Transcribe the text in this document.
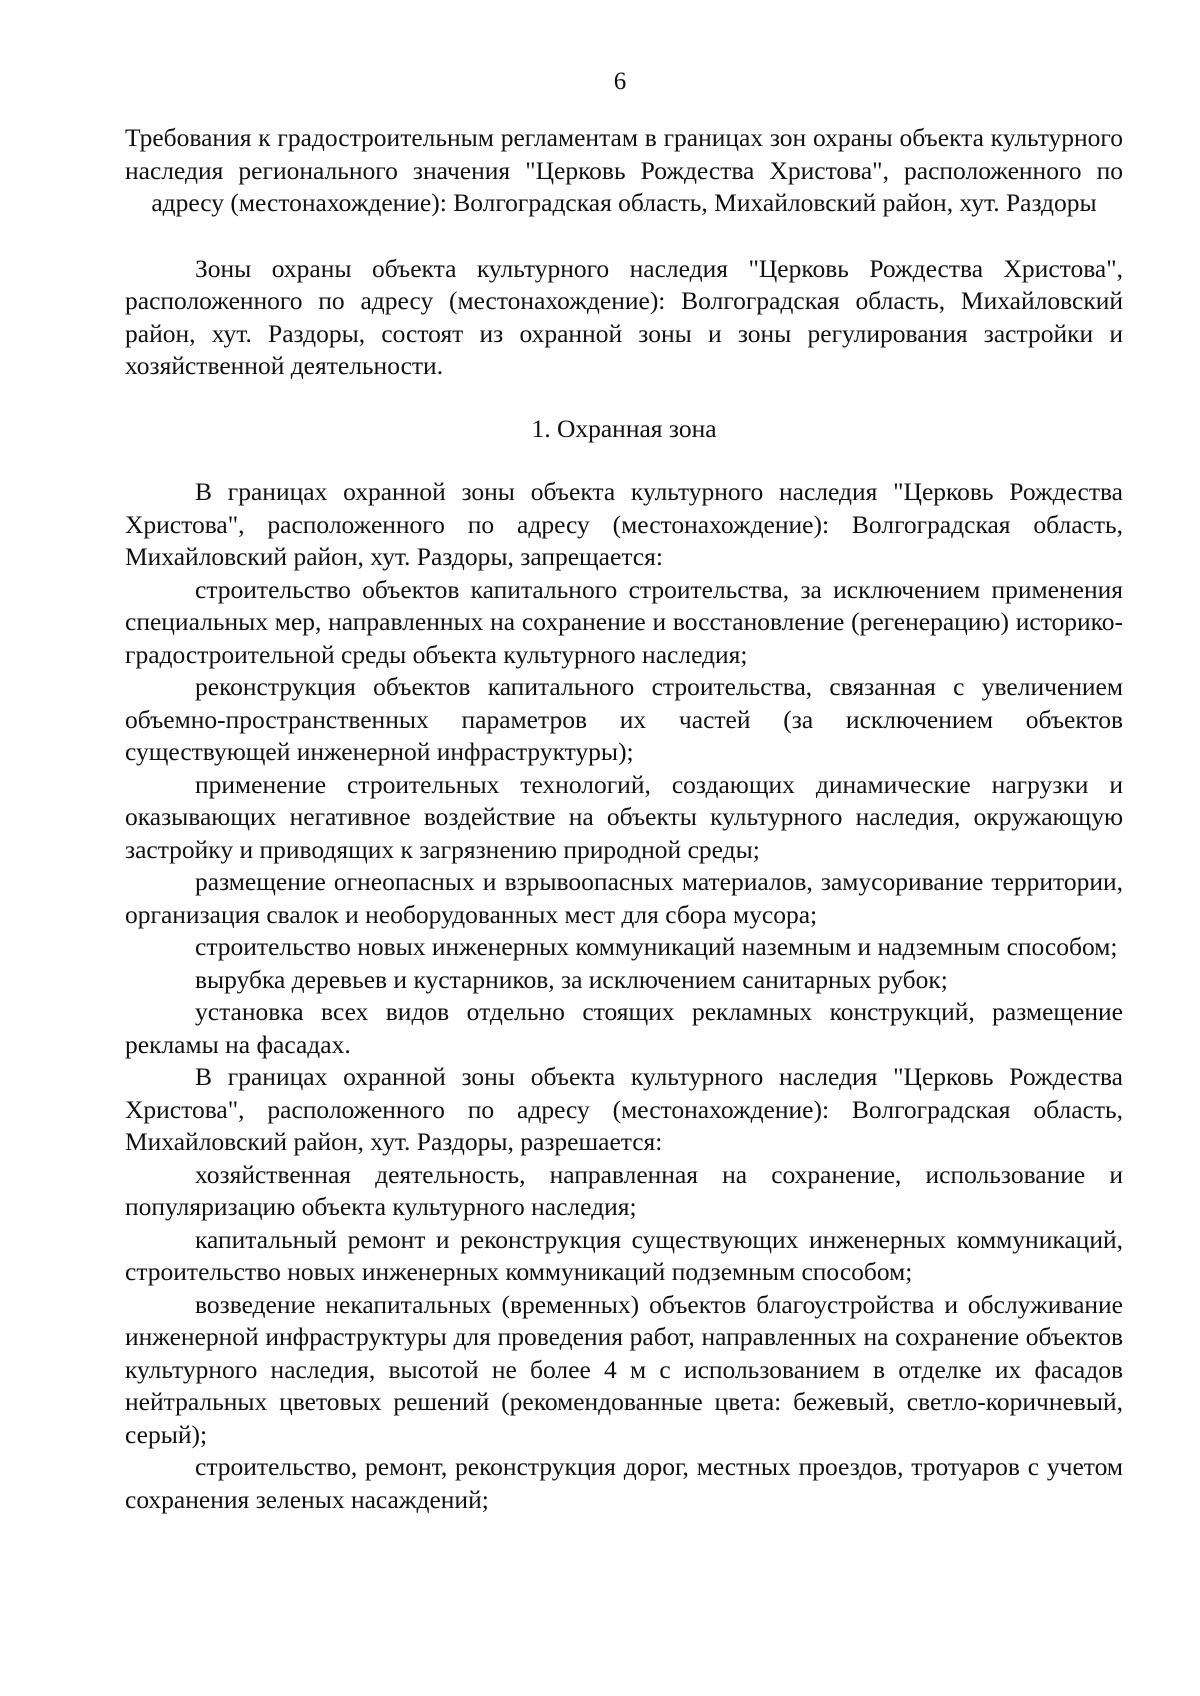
6

Требования к градостроительным регламентам в границах зон охраны объекта культурного наследия регионального значения "Церковь Рождества Христова", расположенного по адресу (местонахождение): Волгоградская область, Михайловский район, хут. Раздоры

Зоны охраны объекта культурного наследия "Церковь Рождества Христова", расположенного по адресу (местонахождение): Волгоградская область, Михайловский район, хут. Раздоры, состоят из охранной зоны и зоны регулирования застройки и хозяйственной деятельности.

1. Охранная зона

В границах охранной зоны объекта культурного наследия "Церковь Рождества Христова", расположенного по адресу (местонахождение): Волгоградская область, Михайловский район, хут. Раздоры, запрещается:

строительство объектов капитального строительства, за исключением применения специальных мер, направленных на сохранение и восстановление (регенерацию) историко-градостроительной среды объекта культурного наследия;

реконструкция объектов капитального строительства, связанная с увеличением объемно-пространственных параметров их частей (за исключением объектов существующей инженерной инфраструктуры);

применение строительных технологий, создающих динамические нагрузки и оказывающих негативное воздействие на объекты культурного наследия, окружающую застройку и приводящих к загрязнению природной среды;

размещение огнеопасных и взрывоопасных материалов, замусоривание территории, организация свалок и необорудованных мест для сбора мусора;

строительство новых инженерных коммуникаций наземным и надземным способом;

вырубка деревьев и кустарников, за исключением санитарных рубок;

установка всех видов отдельно стоящих рекламных конструкций, размещение рекламы на фасадах.

В границах охранной зоны объекта культурного наследия "Церковь Рождества Христова", расположенного по адресу (местонахождение): Волгоградская область, Михайловский район, хут. Раздоры, разрешается:

хозяйственная деятельность, направленная на сохранение, использование и популяризацию объекта культурного наследия;

капитальный ремонт и реконструкция существующих инженерных коммуникаций, строительство новых инженерных коммуникаций подземным способом;

возведение некапитальных (временных) объектов благоустройства и обслуживание инженерной инфраструктуры для проведения работ, направленных на сохранение объектов культурного наследия, высотой не более 4 м с использованием в отделке их фасадов нейтральных цветовых решений (рекомендованные цвета: бежевый, светло-коричневый, серый);

строительство, ремонт, реконструкция дорог, местных проездов, тротуаров с учетом сохранения зеленых насаждений;
